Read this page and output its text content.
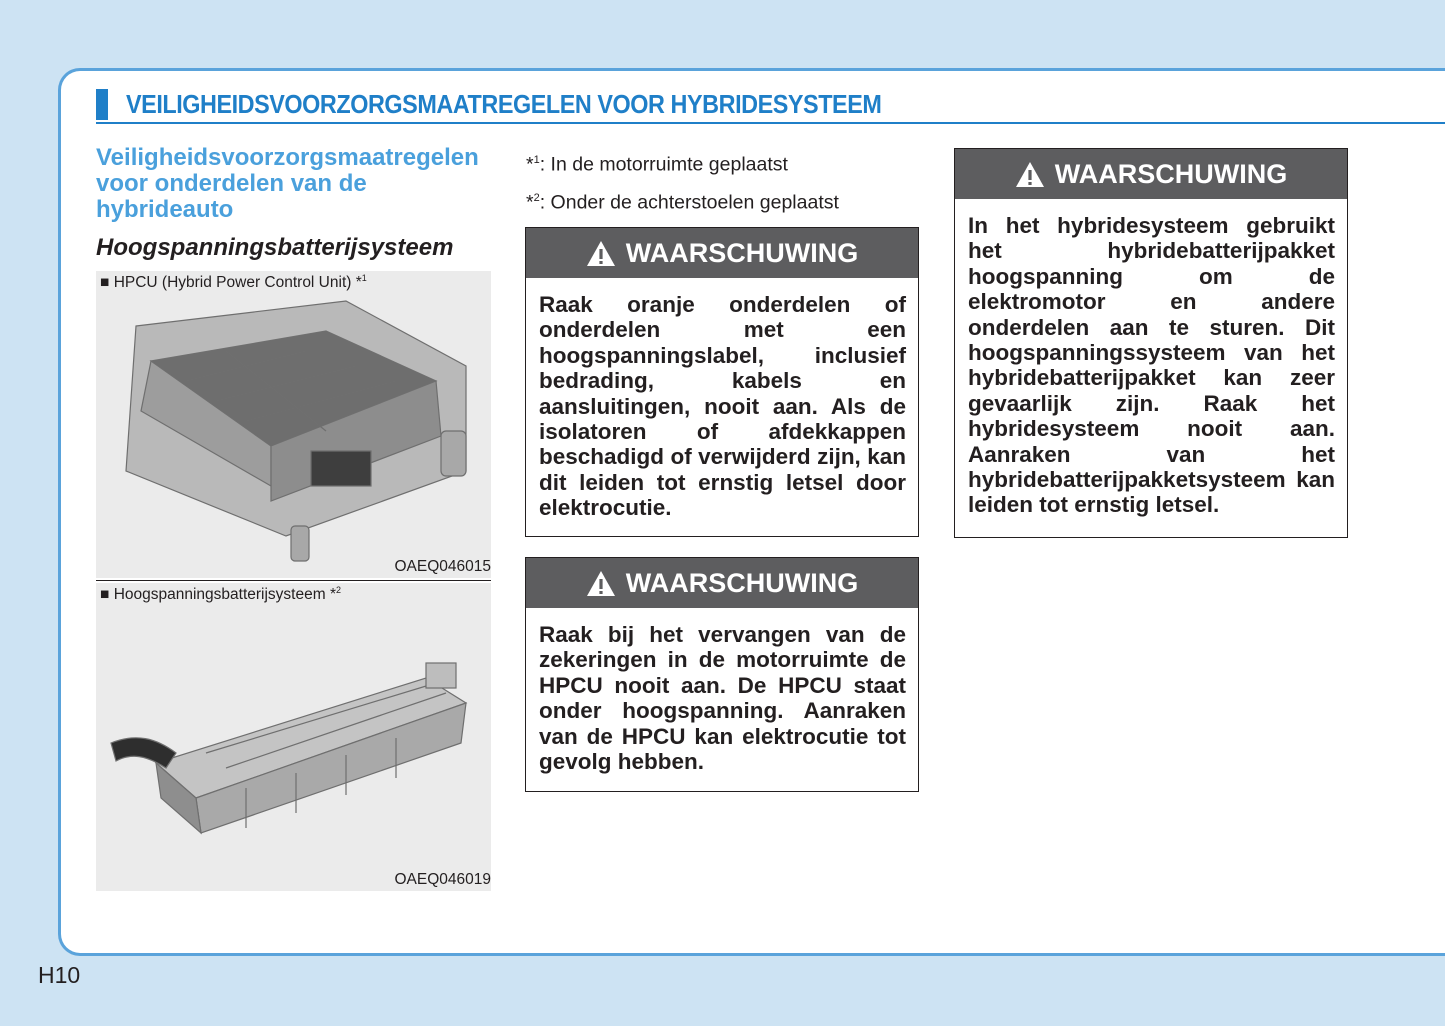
VEILIGHEIDSVOORZORGSMAATREGELEN VOOR HYBRIDESYSTEEM
Veiligheidsvoorzorgsmaatregelen voor onderdelen van de hybrideauto
Hoogspanningsbatterijsysteem
■ HPCU (Hybrid Power Control Unit) *$^1$
OAEQ046015
■ Hoogspanningsbatterijsysteem *$^2$
OAEQ046019
*$^1$: In de motorruimte geplaatst
*$^2$: Onder de achterstoelen geplaatst
WAARSCHUWING
Raak oranje onderdelen of onderdelen met een hoogspanningslabel, inclusief bedrading, kabels en aansluitingen, nooit aan. Als de isolatoren of afdekkappen beschadigd of verwijderd zijn, kan dit leiden tot ernstig letsel door elektrocutie.
WAARSCHUWING
Raak bij het vervangen van de zekeringen in de motorruimte de HPCU nooit aan. De HPCU staat onder hoogspanning. Aanraken van de HPCU kan elektrocutie tot gevolg hebben.
WAARSCHUWING
In het hybridesysteem gebruikt het hybridebatterijpakket hoogspanning om de elektromotor en andere onderdelen aan te sturen. Dit hoogspanningssysteem van het hybridebatterijpakket kan zeer gevaarlijk zijn. Raak het hybridesysteem nooit aan. Aanraken van het hybridebatterijpakketsysteem kan leiden tot ernstig letsel.
H10
